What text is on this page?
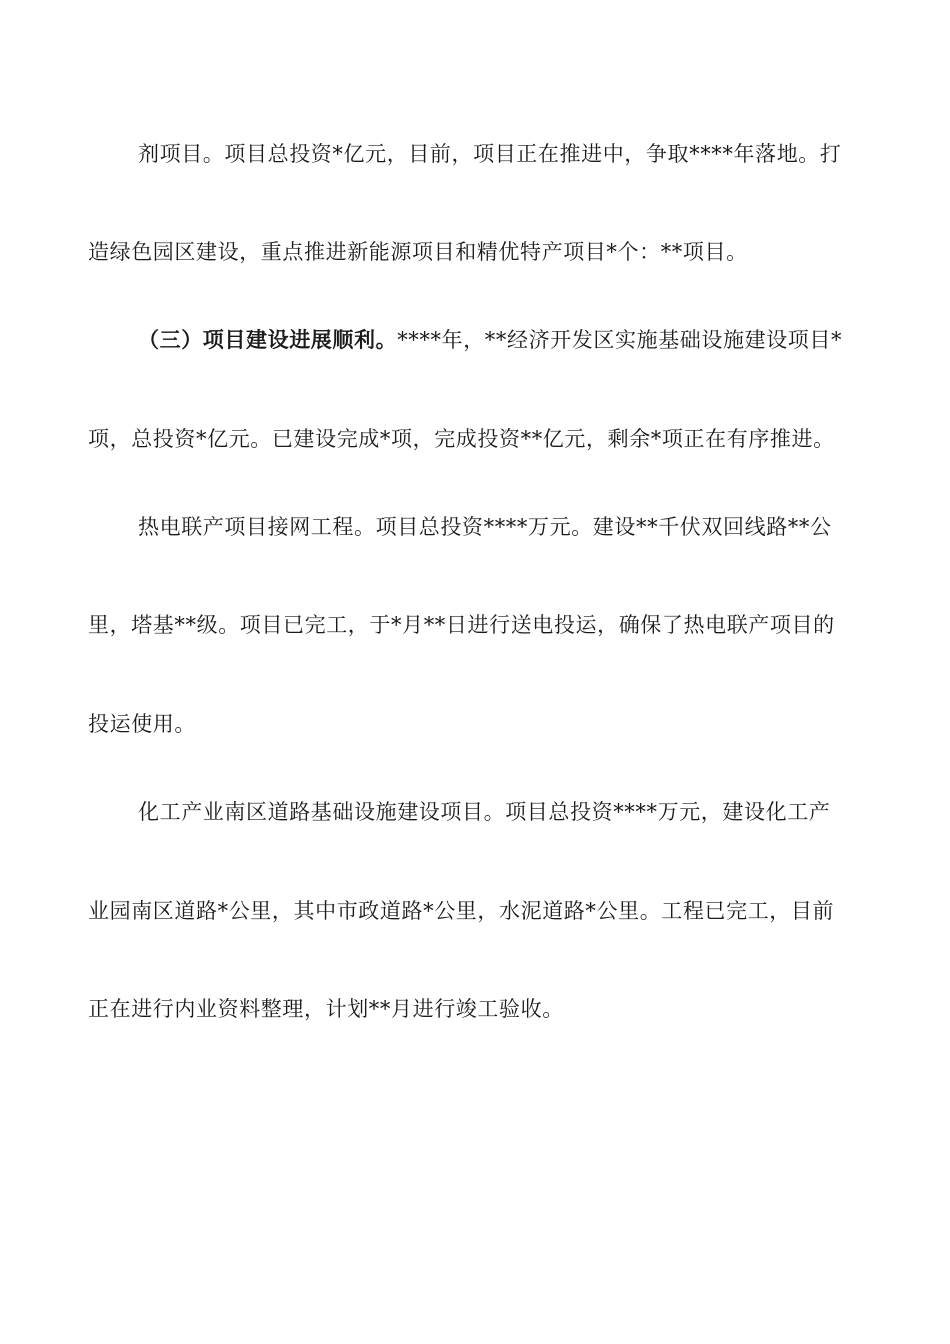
剂项目。项目总投资*亿元，目前，项目正在推进中，争取****年落地。打
造绿色园区建设，重点推进新能源项目和精优特产项目*个：**项目。
（三）项目建设进展顺利。****年，**经济开发区实施基础设施建设项目*
项，总投资*亿元。已建设完成*项，完成投资**亿元，剩余*项正在有序推进。
热电联产项目接网工程。项目总投资****万元。建设**千伏双回线路**公
里，塔基**级。项目已完工，于*月**日进行送电投运，确保了热电联产项目的
投运使用。
化工产业南区道路基础设施建设项目。项目总投资****万元，建设化工产
业园南区道路*公里，其中市政道路*公里，水泥道路*公里。工程已完工，目前
正在进行内业资料整理，计划**月进行竣工验收。
